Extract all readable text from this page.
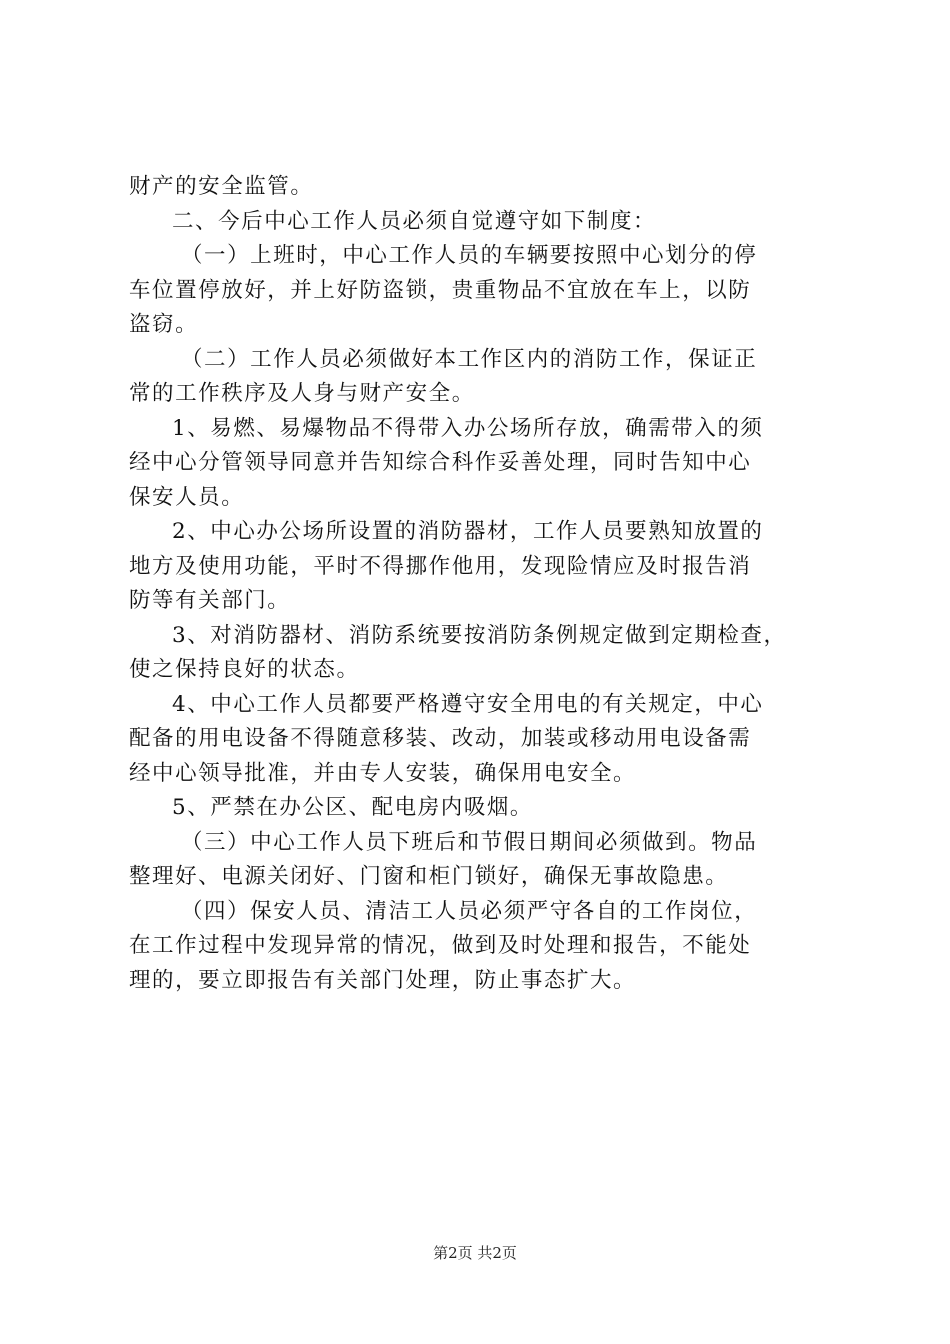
财产的安全监管。
二、今后中心工作人员必须自觉遵守如下制度：
（一）上班时，中心工作人员的车辆要按照中心划分的停
车位置停放好，并上好防盗锁，贵重物品不宜放在车上，以防
盗窃。
（二）工作人员必须做好本工作区内的消防工作，保证正
常的工作秩序及人身与财产安全。
1、易燃、易爆物品不得带入办公场所存放，确需带入的须
经中心分管领导同意并告知综合科作妥善处理，同时告知中心
保安人员。
2、中心办公场所设置的消防器材，工作人员要熟知放置的
地方及使用功能，平时不得挪作他用，发现险情应及时报告消
防等有关部门。
3、对消防器材、消防系统要按消防条例规定做到定期检查，
使之保持良好的状态。
4、中心工作人员都要严格遵守安全用电的有关规定，中心
配备的用电设备不得随意移装、改动，加装或移动用电设备需
经中心领导批准，并由专人安装，确保用电安全。
5、严禁在办公区、配电房内吸烟。
（三）中心工作人员下班后和节假日期间必须做到。物品
整理好、电源关闭好、门窗和柜门锁好，确保无事故隐患。
（四）保安人员、清洁工人员必须严守各自的工作岗位，
在工作过程中发现异常的情况，做到及时处理和报告，不能处
理的，要立即报告有关部门处理，防止事态扩大。
第2页 共2页
